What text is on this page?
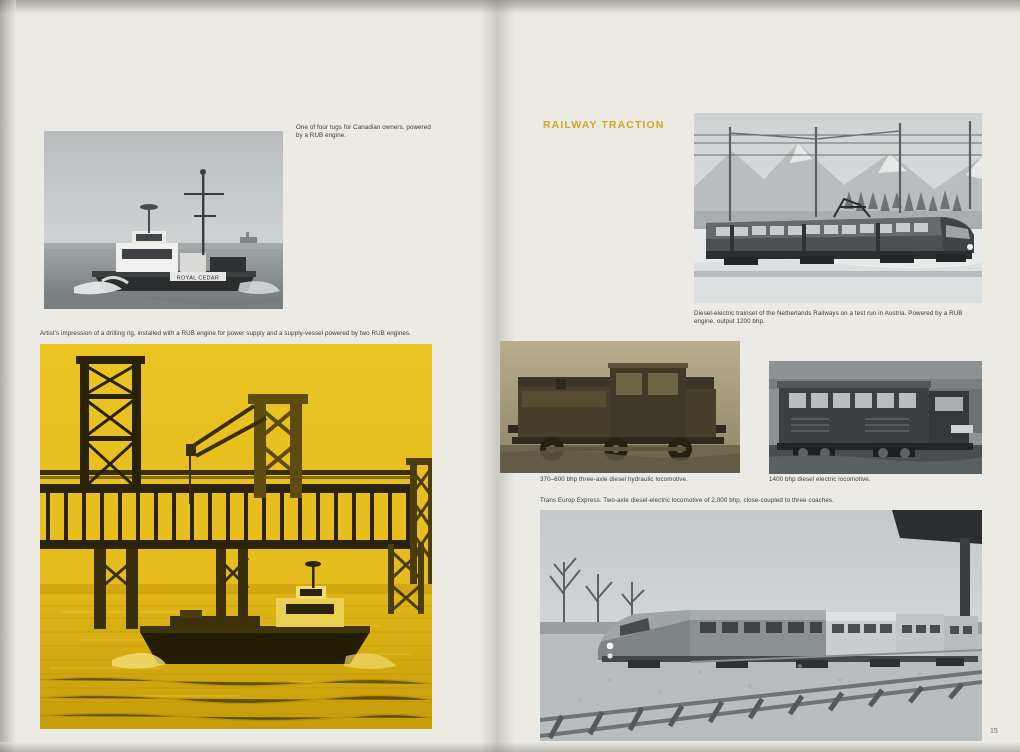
ROYAL CEDAR
One of four tugs for Canadian owners, powered by a RUB engine.
Artist's impression of a drilling rig, installed with a RUB engine for power supply and a supply-vessel powered by two RUB engines.
RAILWAY TRACTION
Diesel-electric trainset of the Netherlands Railways on a test run in Austria. Powered by a RUB engine, output 1200 bhp.
370–600 bhp three-axle diesel hydraulic locomotive.	1400 bhp diesel electric locomotive.
Trans Europ Express. Two-axle diesel-electric locomotive of 2,000 bhp, close-coupled to three coaches.
15
